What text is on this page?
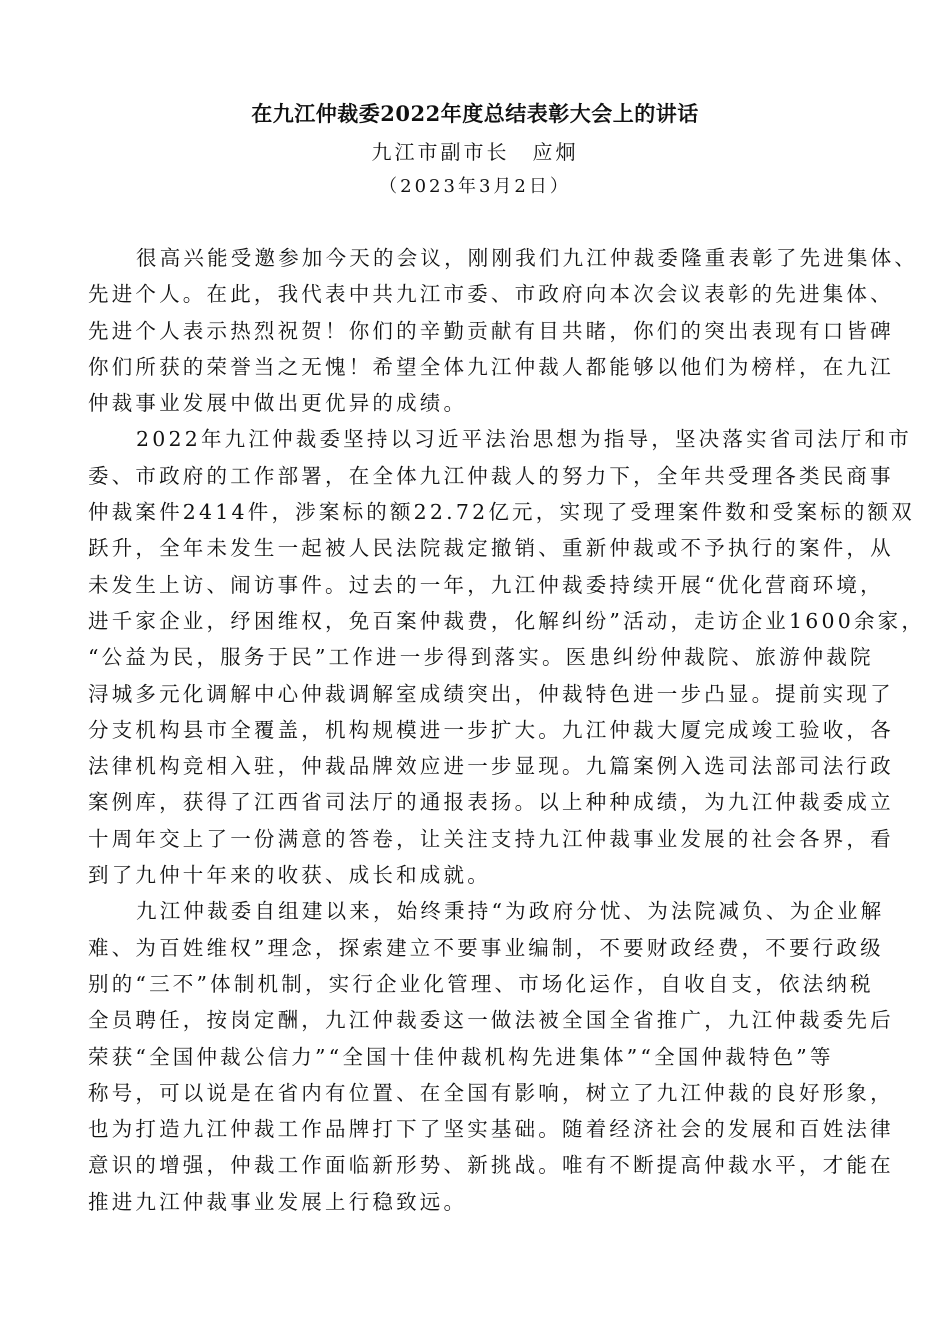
在九江仲裁委2022年度总结表彰大会上的讲话
九江市副市长　应炯
（2023年3月2日）
很高兴能受邀参加今天的会议，刚刚我们九江仲裁委隆重表彰了先进集体、
先进个人。在此，我代表中共九江市委、市政府向本次会议表彰的先进集体、
先进个人表示热烈祝贺！你们的辛勤贡献有目共睹，你们的突出表现有口皆碑
你们所获的荣誉当之无愧！希望全体九江仲裁人都能够以他们为榜样，在九江
仲裁事业发展中做出更优异的成绩。
2022年九江仲裁委坚持以习近平法治思想为指导，坚决落实省司法厅和市
委、市政府的工作部署，在全体九江仲裁人的努力下，全年共受理各类民商事
仲裁案件2414件，涉案标的额22.72亿元，实现了受理案件数和受案标的额双
跃升，全年未发生一起被人民法院裁定撤销、重新仲裁或不予执行的案件，从
未发生上访、闹访事件。过去的一年，九江仲裁委持续开展“优化营商环境，
进千家企业，纾困维权，免百案仲裁费，化解纠纷”活动，走访企业1600余家，
“公益为民，服务于民”工作进一步得到落实。医患纠纷仲裁院、旅游仲裁院
浔城多元化调解中心仲裁调解室成绩突出，仲裁特色进一步凸显。提前实现了
分支机构县市全覆盖，机构规模进一步扩大。九江仲裁大厦完成竣工验收，各
法律机构竞相入驻，仲裁品牌效应进一步显现。九篇案例入选司法部司法行政
案例库，获得了江西省司法厅的通报表扬。以上种种成绩，为九江仲裁委成立
十周年交上了一份满意的答卷，让关注支持九江仲裁事业发展的社会各界，看
到了九仲十年来的收获、成长和成就。
九江仲裁委自组建以来，始终秉持“为政府分忧、为法院减负、为企业解
难、为百姓维权”理念，探索建立不要事业编制，不要财政经费，不要行政级
别的“三不”体制机制，实行企业化管理、市场化运作，自收自支，依法纳税
全员聘任，按岗定酬，九江仲裁委这一做法被全国全省推广，九江仲裁委先后
荣获“全国仲裁公信力”“全国十佳仲裁机构先进集体”“全国仲裁特色”等
称号，可以说是在省内有位置、在全国有影响，树立了九江仲裁的良好形象，
也为打造九江仲裁工作品牌打下了坚实基础。随着经济社会的发展和百姓法律
意识的增强，仲裁工作面临新形势、新挑战。唯有不断提高仲裁水平，才能在
推进九江仲裁事业发展上行稳致远。
